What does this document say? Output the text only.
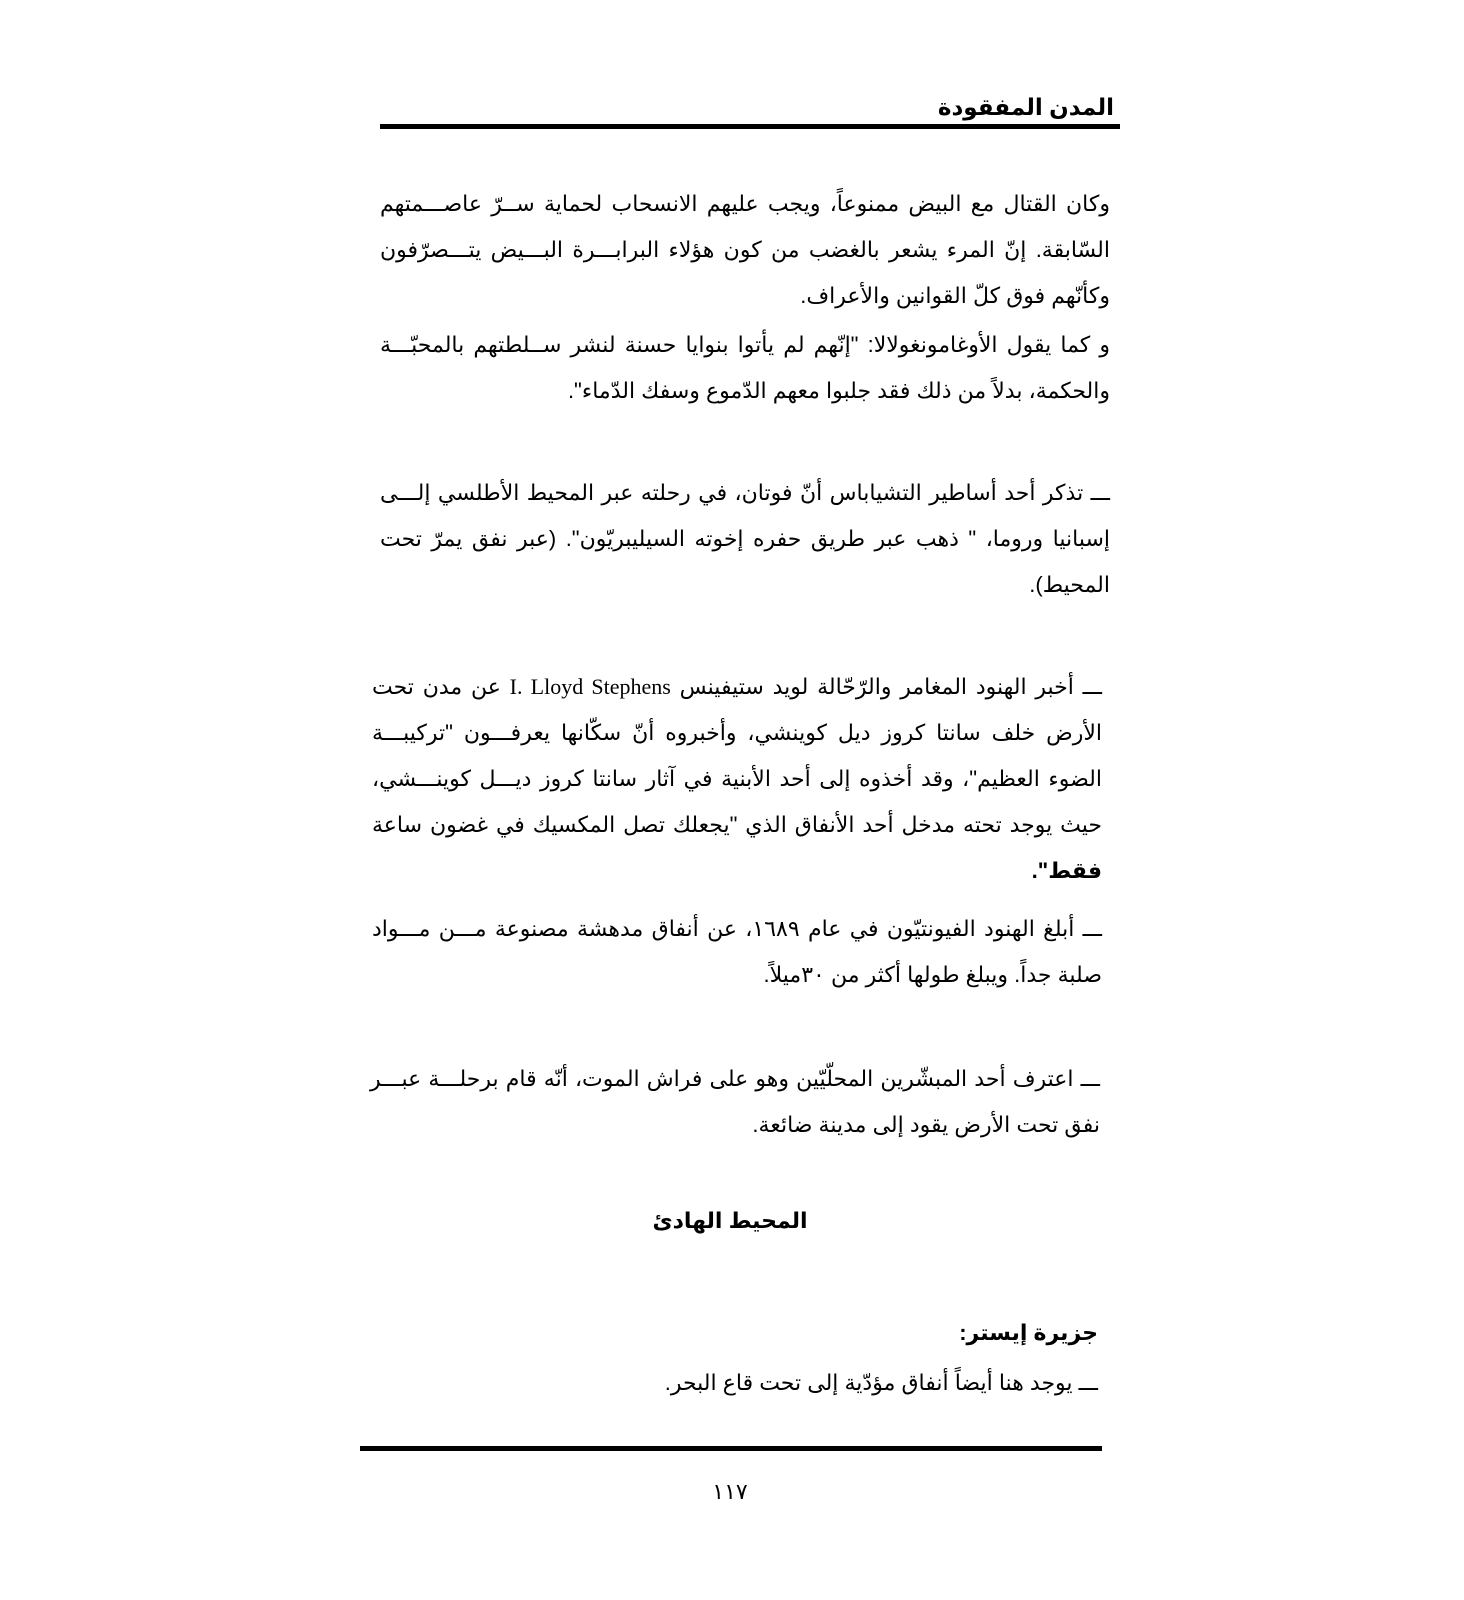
المدن المفقودة
وكان القتال مع البيض ممنوعاً، ويجب عليهم الانسحاب لحماية ســرّ عاصـــمتهم
السّابقة. إنّ المرء يشعر بالغضب من كون هؤلاء البرابـــرة البـــيض يتـــصرّفون
وكأنّهم فوق كلّ القوانين والأعراف.
و كما يقول الأوغامونغولالا: "إنّهم لم يأتوا بنوايا حسنة لنشر ســلطتهم بالمحبّـــة
والحكمة، بدلاً من ذلك فقد جلبوا معهم الدّموع وسفك الدّماء".
ـــ تذكر أحد أساطير التشياباس أنّ فوتان، في رحلته عبر المحيط الأطلسي إلـــى
إسبانيا وروما، " ذهب عبر طريق حفره إخوته السيليبريّون". (عبر نفق يمرّ تحت
المحيط).
ـــ أخبر الهنود المغامر والرّحّالة لويد ستيفينس I. Lloyd Stephens عن مدن تحت
الأرض خلف سانتا كروز ديل كوينشي، وأخبروه أنّ سكّانها يعرفـــون "تركيبـــة
الضوء العظيم"، وقد أخذوه إلى أحد الأبنية في آثار سانتا كروز ديـــل كوينـــشي،
حيث يوجد تحته مدخل أحد الأنفاق الذي "يجعلك تصل المكسيك في غضون ساعة
فقط".
ـــ أبلغ الهنود الفيونتيّون في عام ١٦٨٩، عن أنفاق مدهشة مصنوعة مـــن مـــواد
صلبة جداً. ويبلغ طولها أكثر من ٣٠ميلاً.
ـــ اعترف أحد المبشّرين المحلّيّين وهو على فراش الموت، أنّه قام برحلـــة عبـــر
نفق تحت الأرض يقود إلى مدينة ضائعة.
المحيط الهادئ
جزيرة إيستر:
ـــ يوجد هنا أيضاً أنفاق مؤدّية إلى تحت قاع البحر.
١١٧
